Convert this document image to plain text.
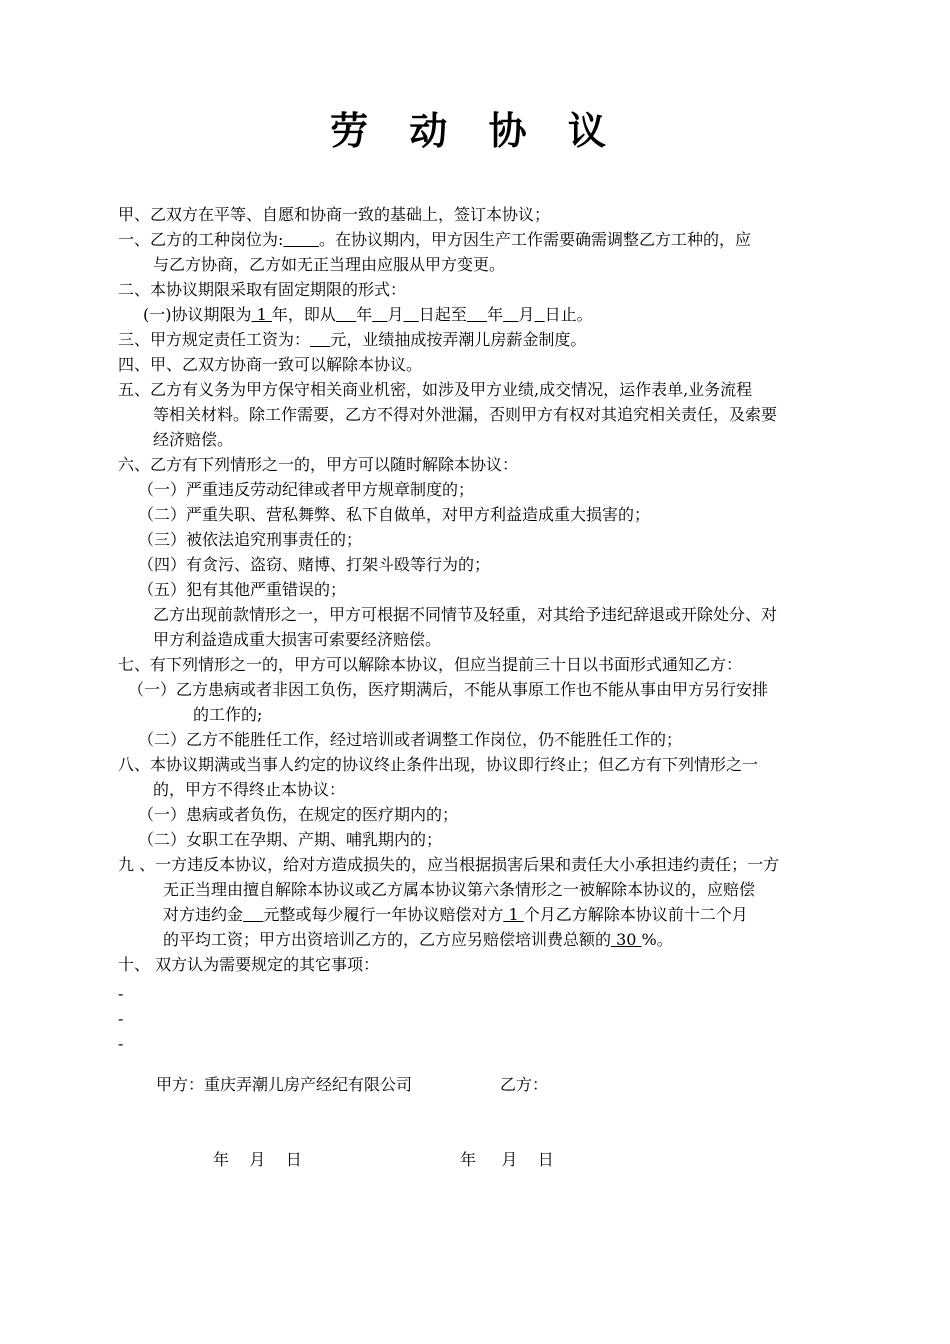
劳 动 协 议
甲、乙双方在平等、自愿和协商一致的基础上，签订本协议；
一、乙方的工种岗位为: 。在协议期内，甲方因生产工作需要确需调整乙方工种的，应
与乙方协商，乙方如无正当理由应服从甲方变更。
二、本协议期限采取有固定期限的形式：
(一)协议期限为 1 年，即从 年 月 日起至 年 月 日止。
三、甲方规定责任工资为： 元，业绩抽成按弄潮儿房薪金制度。
四、甲、乙双方协商一致可以解除本协议。
五、乙方有义务为甲方保守相关商业机密，如涉及甲方业绩,成交情况，运作表单,业务流程
等相关材料。除工作需要，乙方不得对外泄漏，否则甲方有权对其追究相关责任，及索要
经济赔偿。
六、乙方有下列情形之一的，甲方可以随时解除本协议：
（一）严重违反劳动纪律或者甲方规章制度的；
（二）严重失职、营私舞弊、私下自做单，对甲方利益造成重大损害的；
（三）被依法追究刑事责任的；
（四）有贪污、盗窃、赌博、打架斗殴等行为的；
（五）犯有其他严重错误的；
乙方出现前款情形之一，甲方可根据不同情节及轻重，对其给予违纪辞退或开除处分、对
甲方利益造成重大损害可索要经济赔偿。
七、有下列情形之一的，甲方可以解除本协议，但应当提前三十日以书面形式通知乙方：
（一）乙方患病或者非因工负伤，医疗期满后，不能从事原工作也不能从事由甲方另行安排
的工作的;
（二）乙方不能胜任工作，经过培训或者调整工作岗位，仍不能胜任工作的；
八、本协议期满或当事人约定的协议终止条件出现，协议即行终止；但乙方有下列情形之一
的，甲方不得终止本协议：
（一）患病或者负伤，在规定的医疗期内的；
（二）女职工在孕期、产期、哺乳期内的；
九 、一方违反本协议，给对方造成损失的，应当根据损害后果和责任大小承担违约责任；一方
无正当理由擅自解除本协议或乙方属本协议第六条情形之一被解除本协议的，应赔偿
对方违约金 元整或每少履行一年协议赔偿对方 1 个月乙方解除本协议前十二个月
的平均工资；甲方出资培训乙方的，乙方应另赔偿培训费总额的 30 %。
十、 双方认为需要规定的其它事项：
-
-
-
甲方：重庆弄潮儿房产经纪有限公司	乙方：
年    月    日	年     月    日
